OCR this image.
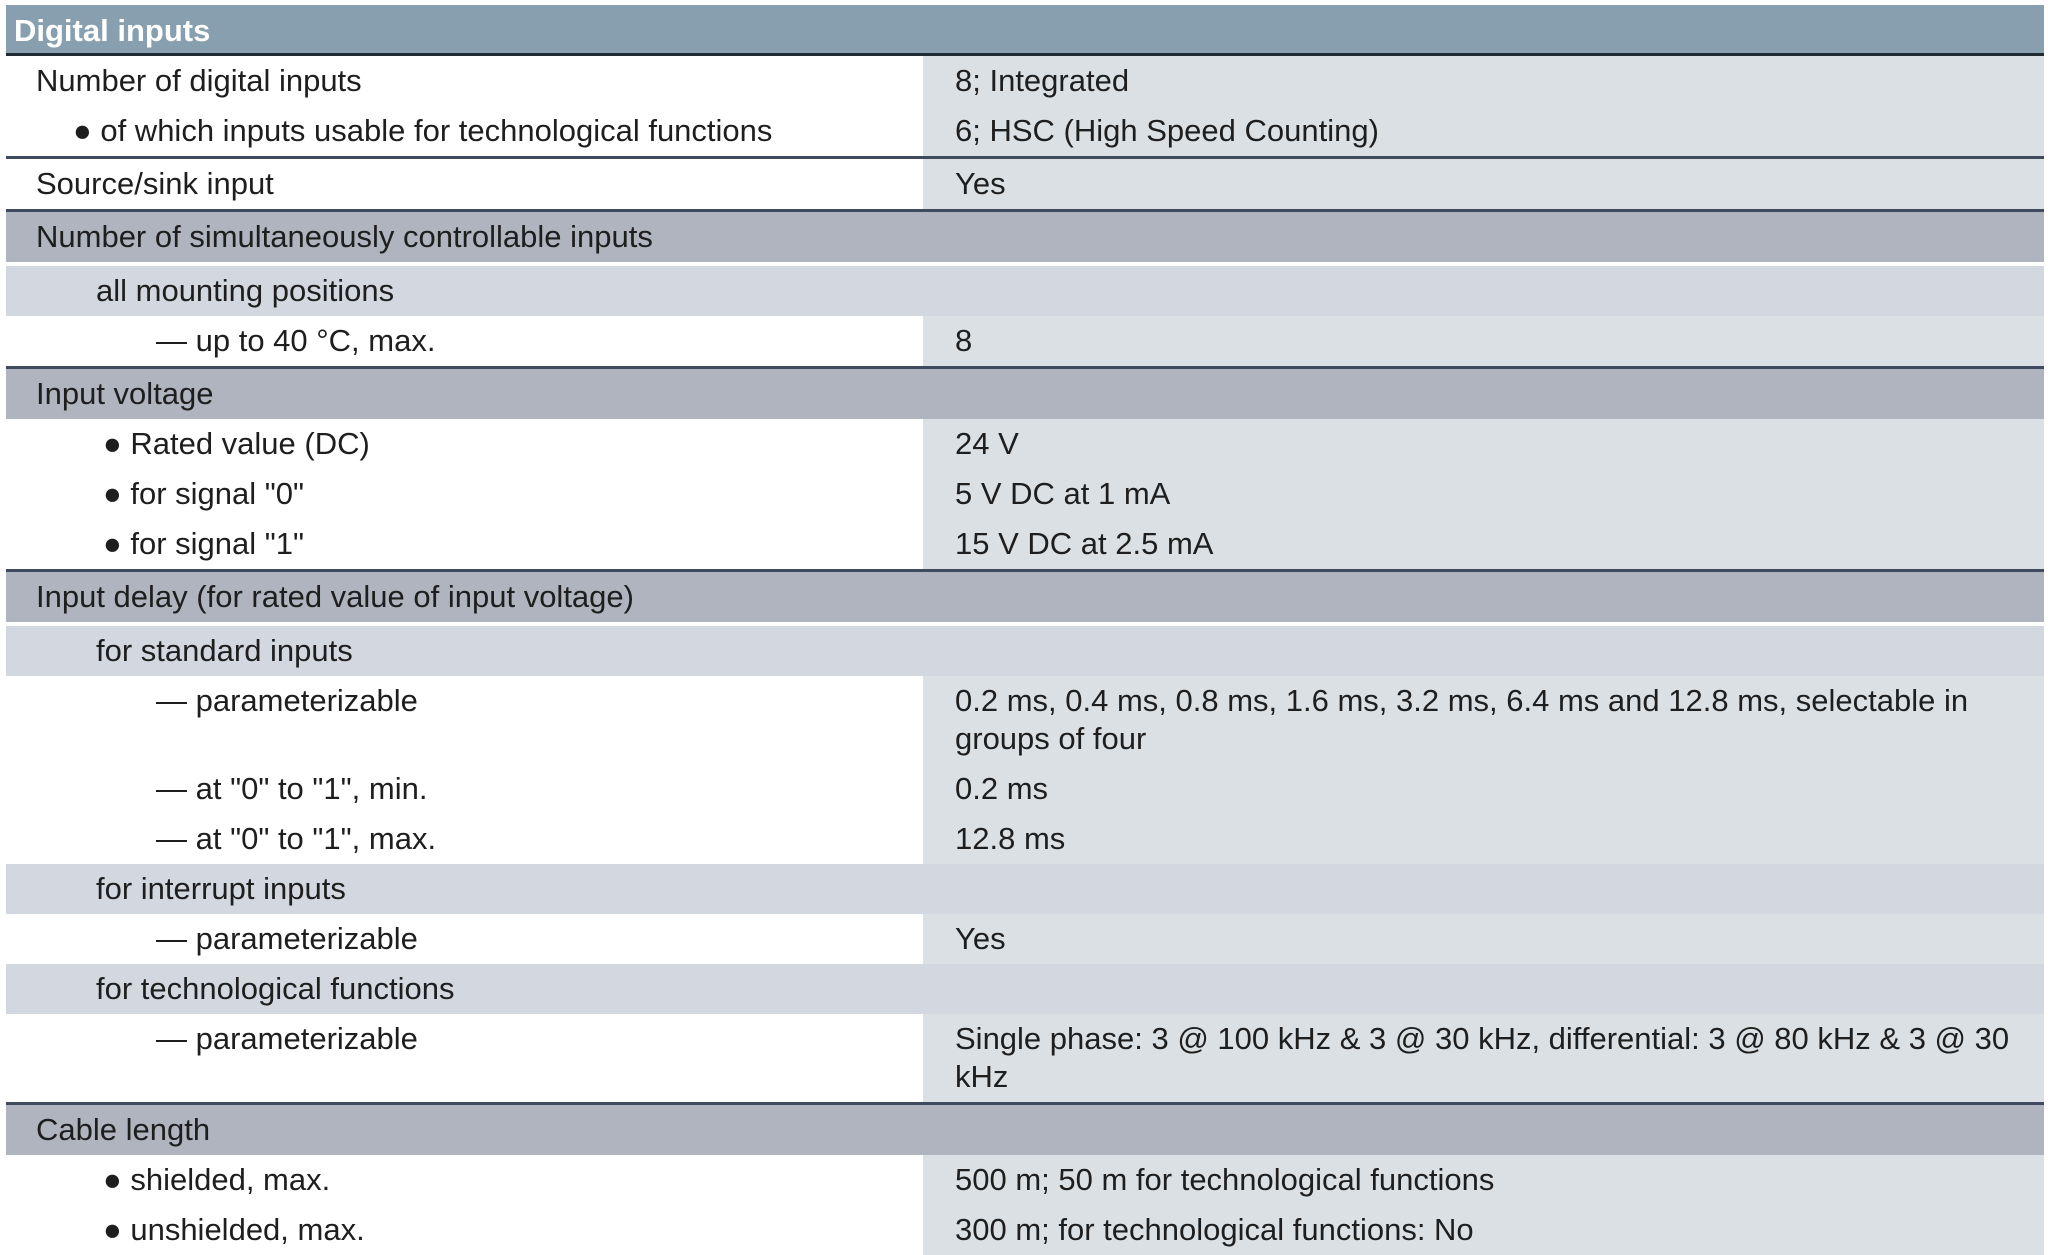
Digital inputs
Number of digital inputs	8; Integrated
● of which inputs usable for technological functions	6; HSC (High Speed Counting)
Source/sink input	Yes
Number of simultaneously controllable inputs
all mounting positions
— up to 40 °C, max.	8
Input voltage
● Rated value (DC)	24 V
● for signal "0"	5 V DC at 1 mA
● for signal "1"	15 V DC at 2.5 mA
Input delay (for rated value of input voltage)
for standard inputs
— parameterizable	0.2 ms, 0.4 ms, 0.8 ms, 1.6 ms, 3.2 ms, 6.4 ms and 12.8 ms, selectable in groups of four
— at "0" to "1", min.	0.2 ms
— at "0" to "1", max.	12.8 ms
for interrupt inputs
— parameterizable	Yes
for technological functions
— parameterizable	Single phase: 3 @ 100 kHz & 3 @ 30 kHz, differential: 3 @ 80 kHz & 3 @ 30 kHz
Cable length
● shielded, max.	500 m; 50 m for technological functions
● unshielded, max.	300 m; for technological functions: No
